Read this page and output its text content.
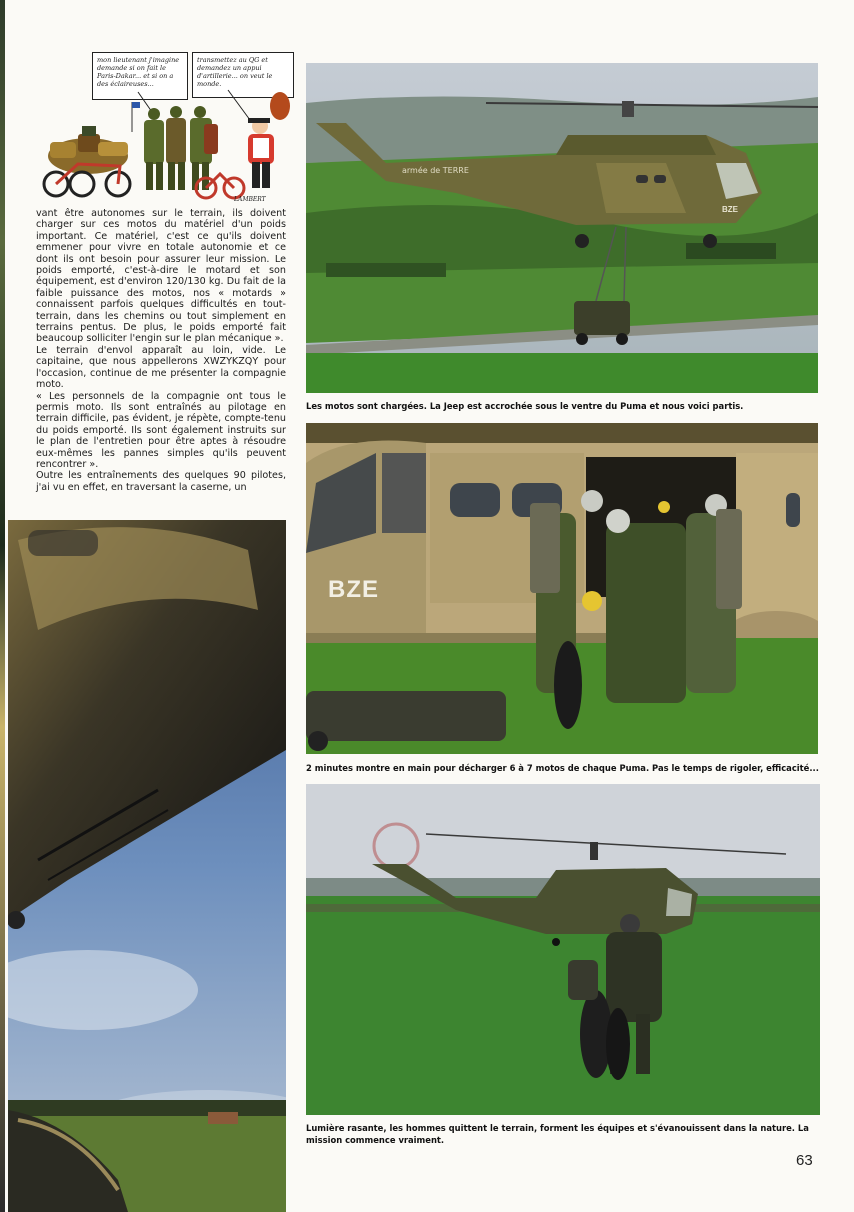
mon lieutenant j'imagine demande si on fait le Paris-Dakar... et si on a des éclaireuses...
transmettez au QG et demandez un appui d'artillerie... on veut le monde.
LAMBERT

vant être autonomes sur le terrain, ils doivent charger sur ces motos du matériel d'un poids important. Ce matériel, c'est ce qu'ils doivent emmener pour vivre en totale autonomie et ce dont ils ont besoin pour assurer leur mission. Le poids emporté, c'est-à-dire le motard et son équipement, est d'environ 120/130 kg. Du fait de la faible puissance des motos, nos « motards » connaissent parfois quelques difficultés en tout-terrain, dans les chemins ou tout simplement en terrains pentus. De plus, le poids emporté fait beaucoup solliciter l'engin sur le plan mécanique ».

Le terrain d'envol apparaît au loin, vide. Le capitaine, que nous appellerons XWZYKZQY pour l'occasion, continue de me présenter la compagnie moto.

« Les personnels de la compagnie ont tous le permis moto. Ils sont entraînés au pilotage en terrain difficile, pas évident, je répète, compte-tenu du poids emporté. Ils sont également instruits sur le plan de l'entretien pour être aptes à résoudre eux-mêmes les pannes simples qu'ils peuvent rencontrer ».

Outre les entraînements des quelques 90 pilotes, j'ai vu en effet, en traversant la caserne, un

armée de TERRE
BZE
Les motos sont chargées. La Jeep est accrochée sous le ventre du Puma et nous voici partis.
BZE
2 minutes montre en main pour décharger 6 à 7 motos de chaque Puma. Pas le temps de rigoler, efficacité...
Lumière rasante, les hommes quittent le terrain, forment les équipes et s'évanouissent dans la nature. La mission commence vraiment.
63
